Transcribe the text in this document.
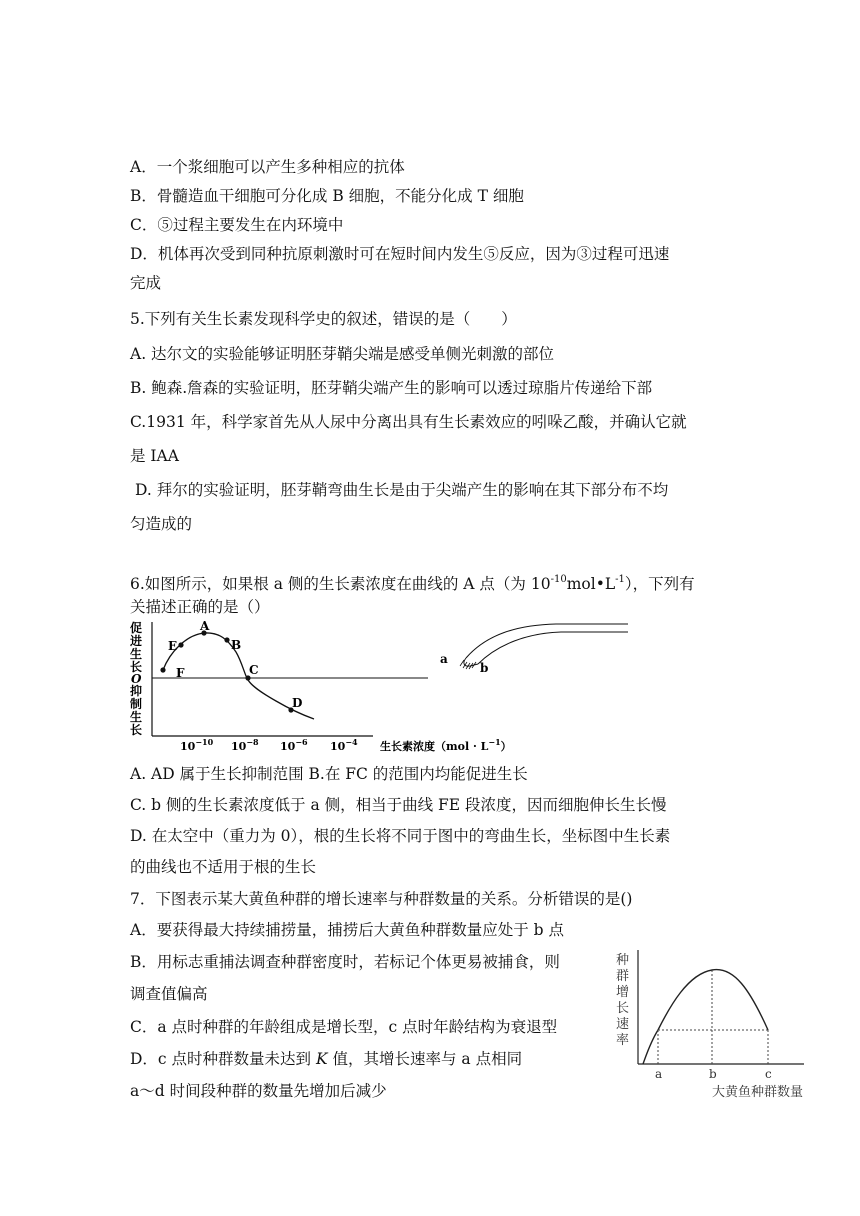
A．一个浆细胞可以产生多种相应的抗体
B．骨髓造血干细胞可分化成 B 细胞，不能分化成 T 细胞
C．⑤过程主要发生在内环境中
D．机体再次受到同种抗原刺激时可在短时间内发生⑤反应，因为③过程可迅速
完成
5.下列有关生长素发现科学史的叙述，错误的是（　　）
A. 达尔文的实验能够证明胚芽鞘尖端是感受单侧光刺激的部位
B. 鲍森.詹森的实验证明，胚芽鞘尖端产生的影响可以透过琼脂片传递给下部
C.1931 年，科学家首先从人尿中分离出具有生长素效应的吲哚乙酸，并确认它就
是 IAA
D. 拜尔的实验证明，胚芽鞘弯曲生长是由于尖端产生的影响在其下部分布不均
匀造成的
6.如图所示，如果根 a 侧的生长素浓度在曲线的 A 点（为 $10^{-10}mol•L^{-1}$），下列有
关描述正确的是（）
促
进
生
长
O
抑
制
生
长
E
A
B
F	C
D
$10^{-10}$ $10^{-8}$ $10^{-6}$ $10^{-4}$ 生长素浓度$(mol \cdot L^{-1})$
a
b
A. AD 属于生长抑制范围 B.在 FC 的范围内均能促进生长
C. b 侧的生长素浓度低于 a 侧，相当于曲线 FE 段浓度，因而细胞伸长生长慢
D. 在太空中（重力为 0），根的生长将不同于图中的弯曲生长，坐标图中生长素
的曲线也不适用于根的生长
7．下图表示某大黄鱼种群的增长速率与种群数量的关系。分析错误的是()
A．要获得最大持续捕捞量，捕捞后大黄鱼种群数量应处于 b 点
B．用标志重捕法调查种群密度时，若标记个体更易被捕食，则
调查值偏高
C．a 点时种群的年龄组成是增长型，c 点时年龄结构为衰退型
D．c 点时种群数量未达到 K 值，其增长速率与 a 点相同
a～d 时间段种群的数量先增加后减少
种
群
增
长
速
率
a	b	c
大黄鱼种群数量
